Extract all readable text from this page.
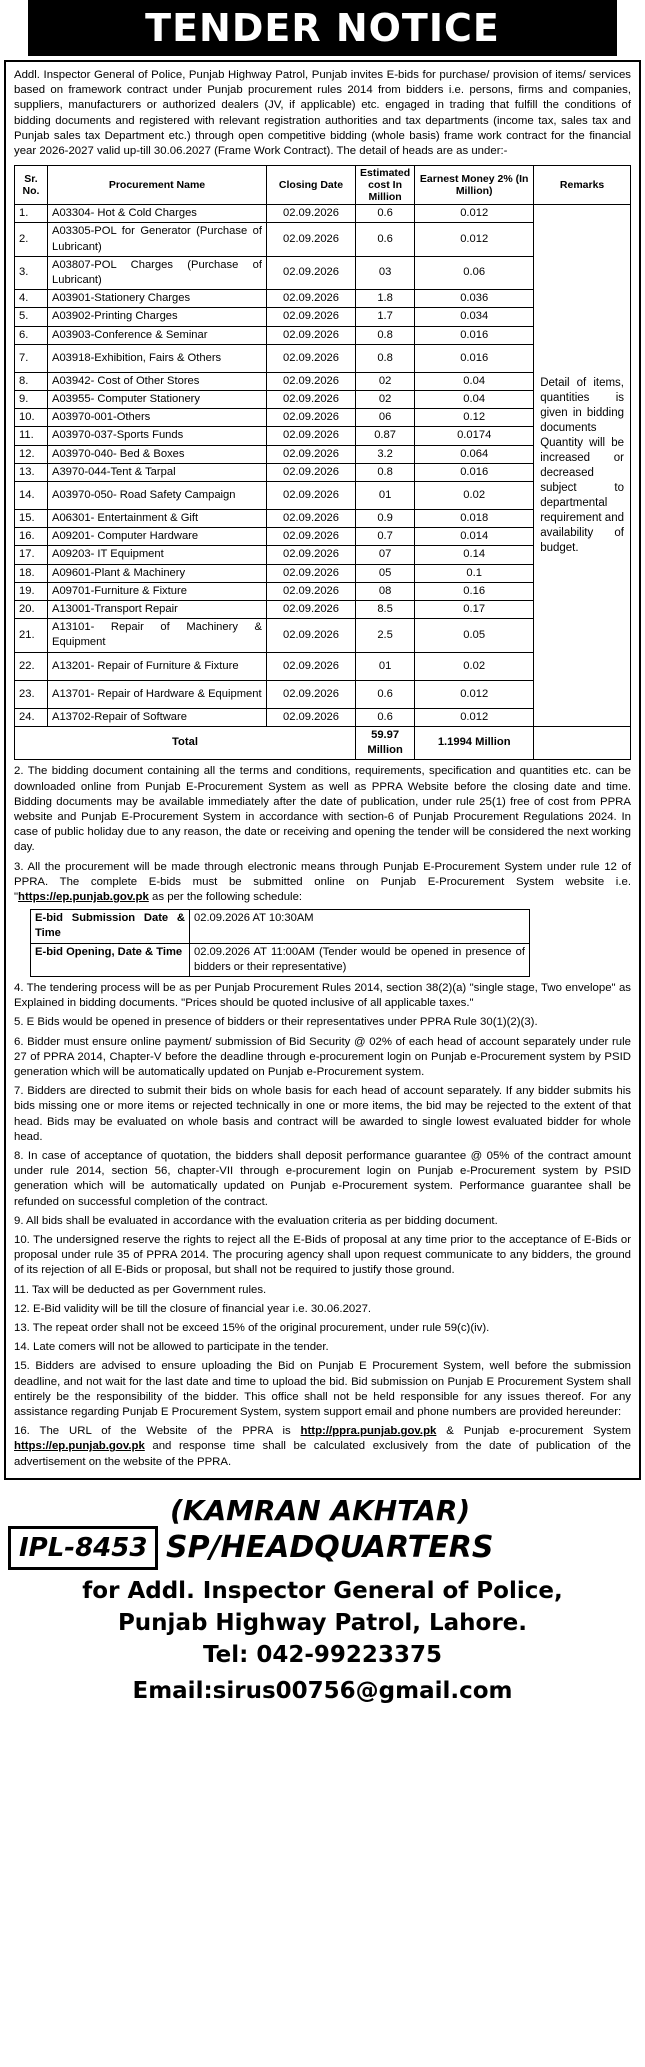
TENDER NOTICE

Addl. Inspector General of Police, Punjab Highway Patrol, Punjab invites E-bids for purchase/ provision of items/ services based on framework contract under Punjab procurement rules 2014 from bidders i.e. persons, firms and companies, suppliers, manufacturers or authorized dealers (JV, if applicable) etc. engaged in trading that fulfill the conditions of bidding documents and registered with relevant registration authorities and tax departments (income tax, sales tax and Punjab sales tax Department etc.) through open competitive bidding (whole basis) frame work contract for the financial year 2026-2027 valid up-till 30.06.2027 (Frame Work Contract). The detail of heads are as under:-

Sr. No.	Procurement Name	Closing Date	Estimated cost In Million	Earnest Money 2% (In Million)	Remarks
1.	A03304- Hot & Cold Charges	02.09.2026	0.6	0.012	Detail of items, quantities is given in bidding documents Quantity will be increased or decreased subject to departmental requirement and availability of budget.
2.	A03305-POL for Generator (Purchase of Lubricant)	02.09.2026	0.6	0.012	
3.	A03807-POL Charges (Purchase of Lubricant)	02.09.2026	03	0.06	
4.	A03901-Stationery Charges	02.09.2026	1.8	0.036	
5.	A03902-Printing Charges	02.09.2026	1.7	0.034	
6.	A03903-Conference & Seminar	02.09.2026	0.8	0.016	
7.	A03918-Exhibition, Fairs & Others	02.09.2026	0.8	0.016	
8.	A03942- Cost of Other Stores	02.09.2026	02	0.04	
9.	A03955- Computer Stationery	02.09.2026	02	0.04	
10.	A03970-001-Others	02.09.2026	06	0.12	
11.	A03970-037-Sports Funds	02.09.2026	0.87	0.0174	
12.	A03970-040- Bed & Boxes	02.09.2026	3.2	0.064	
13.	A3970-044-Tent & Tarpal	02.09.2026	0.8	0.016	
14.	A03970-050- Road Safety Campaign	02.09.2026	01	0.02	
15.	A06301- Entertainment & Gift	02.09.2026	0.9	0.018	
16.	A09201- Computer Hardware	02.09.2026	0.7	0.014	
17.	A09203- IT Equipment	02.09.2026	07	0.14	
18.	A09601-Plant & Machinery	02.09.2026	05	0.1	
19.	A09701-Furniture & Fixture	02.09.2026	08	0.16	
20.	A13001-Transport Repair	02.09.2026	8.5	0.17	
21.	A13101- Repair of Machinery & Equipment	02.09.2026	2.5	0.05	
22.	A13201- Repair of Furniture & Fixture	02.09.2026	01	0.02	
23.	A13701- Repair of Hardware & Equipment	02.09.2026	0.6	0.012	
24.	A13702-Repair of Software	02.09.2026	0.6	0.012	
Total			59.97 Million	1.1994 Million	

2. The bidding document containing all the terms and conditions, requirements, specification and quantities etc. can be downloaded online from Punjab E-Procurement System as well as PPRA Website before the closing date and time. Bidding documents may be available immediately after the date of publication, under rule 25(1) free of cost from PPRA website and Punjab E-Procurement System in accordance with section-6 of Punjab Procurement Regulations 2024. In case of public holiday due to any reason, the date or receiving and opening the tender will be considered the next working day.

3. All the procurement will be made through electronic means through Punjab E-Procurement System under rule 12 of PPRA. The complete E-bids must be submitted online on Punjab E-Procurement System website i.e. "https://ep.punjab.gov.pk as per the following schedule:

E-bid Submission Date & Time	02.09.2026 AT 10:30AM
E-bid Opening, Date & Time	02.09.2026 AT 11:00AM (Tender would be opened in presence of bidders or their representative)

4. The tendering process will be as per Punjab Procurement Rules 2014, section 38(2)(a) "single stage, Two envelope" as Explained in bidding documents. "Prices should be quoted inclusive of all applicable taxes."

5. E Bids would be opened in presence of bidders or their representatives under PPRA Rule 30(1)(2)(3).

6. Bidder must ensure online payment/ submission of Bid Security @ 02% of each head of account separately under rule 27 of PPRA 2014, Chapter-V before the deadline through e-procurement login on Punjab e-Procurement system by PSID generation which will be automatically updated on Punjab e-Procurement system.

7. Bidders are directed to submit their bids on whole basis for each head of account separately. If any bidder submits his bids missing one or more items or rejected technically in one or more items, the bid may be rejected to the extent of that head. Bids may be evaluated on whole basis and contract will be awarded to single lowest evaluated bidder for whole head.

8. In case of acceptance of quotation, the bidders shall deposit performance guarantee @ 05% of the contract amount under rule 2014, section 56, chapter-VII through e-procurement login on Punjab e-Procurement system by PSID generation which will be automatically updated on Punjab e-Procurement system. Performance guarantee shall be refunded on successful completion of the contract.

9. All bids shall be evaluated in accordance with the evaluation criteria as per bidding document.

10. The undersigned reserve the rights to reject all the E-Bids of proposal at any time prior to the acceptance of E-Bids or proposal under rule 35 of PPRA 2014. The procuring agency shall upon request communicate to any bidders, the ground of its rejection of all E-Bids or proposal, but shall not be required to justify those ground.

11. Tax will be deducted as per Government rules.

12. E-Bid validity will be till the closure of financial year i.e. 30.06.2027.

13. The repeat order shall not be exceed 15% of the original procurement, under rule 59(c)(iv).

14. Late comers will not be allowed to participate in the tender.

15. Bidders are advised to ensure uploading the Bid on Punjab E Procurement System, well before the submission deadline, and not wait for the last date and time to upload the bid. Bid submission on Punjab E Procurement System shall entirely be the responsibility of the bidder. This office shall not be held responsible for any issues thereof. For any assistance regarding Punjab E Procurement System, system support email and phone numbers are provided hereunder:

16. The URL of the Website of the PPRA is http://ppra.punjab.gov.pk & Punjab e-procurement System https://ep.punjab.gov.pk and response time shall be calculated exclusively from the date of publication of the advertisement on the website of the PPRA.

IPL-8453
(KAMRAN AKHTAR)
SP/HEADQUARTERS
for Addl. Inspector General of Police,
Punjab Highway Patrol, Lahore.
Tel: 042-99223375
Email:sirus00756@gmail.com
